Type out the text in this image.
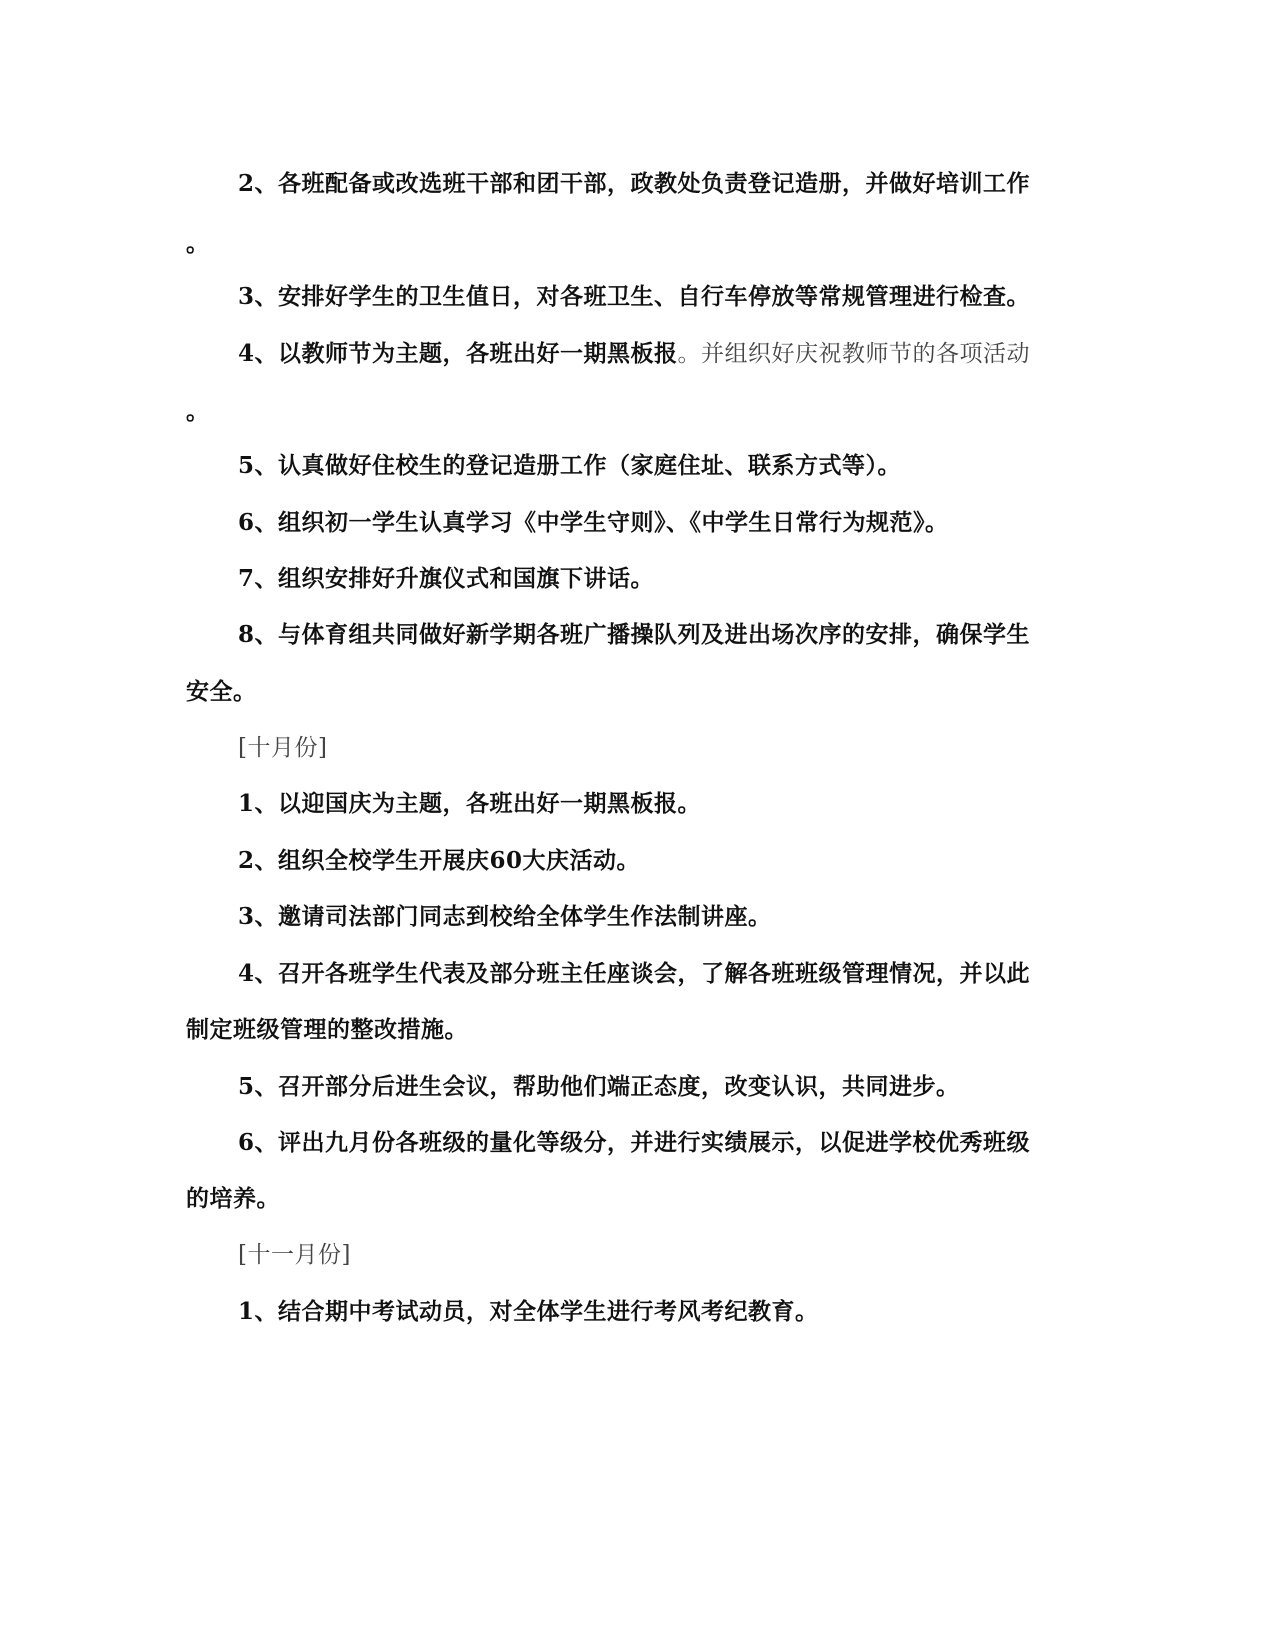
2、各班配备或改选班干部和团干部，政教处负责登记造册，并做好培训工作
。
3、安排好学生的卫生值日，对各班卫生、自行车停放等常规管理进行检查。
4、以教师节为主题，各班出好一期黑板报。并组织好庆祝教师节的各项活动
。
5、认真做好住校生的登记造册工作（家庭住址、联系方式等）。
6、组织初一学生认真学习《中学生守则》、《中学生日常行为规范》。
7、组织安排好升旗仪式和国旗下讲话。
8、与体育组共同做好新学期各班广播操队列及进出场次序的安排，确保学生
安全。
[十月份]
1、以迎国庆为主题，各班出好一期黑板报。
2、组织全校学生开展庆60大庆活动。
3、邀请司法部门同志到校给全体学生作法制讲座。
4、召开各班学生代表及部分班主任座谈会，了解各班班级管理情况，并以此
制定班级管理的整改措施。
5、召开部分后进生会议，帮助他们端正态度，改变认识，共同进步。
6、评出九月份各班级的量化等级分，并进行实绩展示，以促进学校优秀班级
的培养。
[十一月份]
1、结合期中考试动员，对全体学生进行考风考纪教育。
